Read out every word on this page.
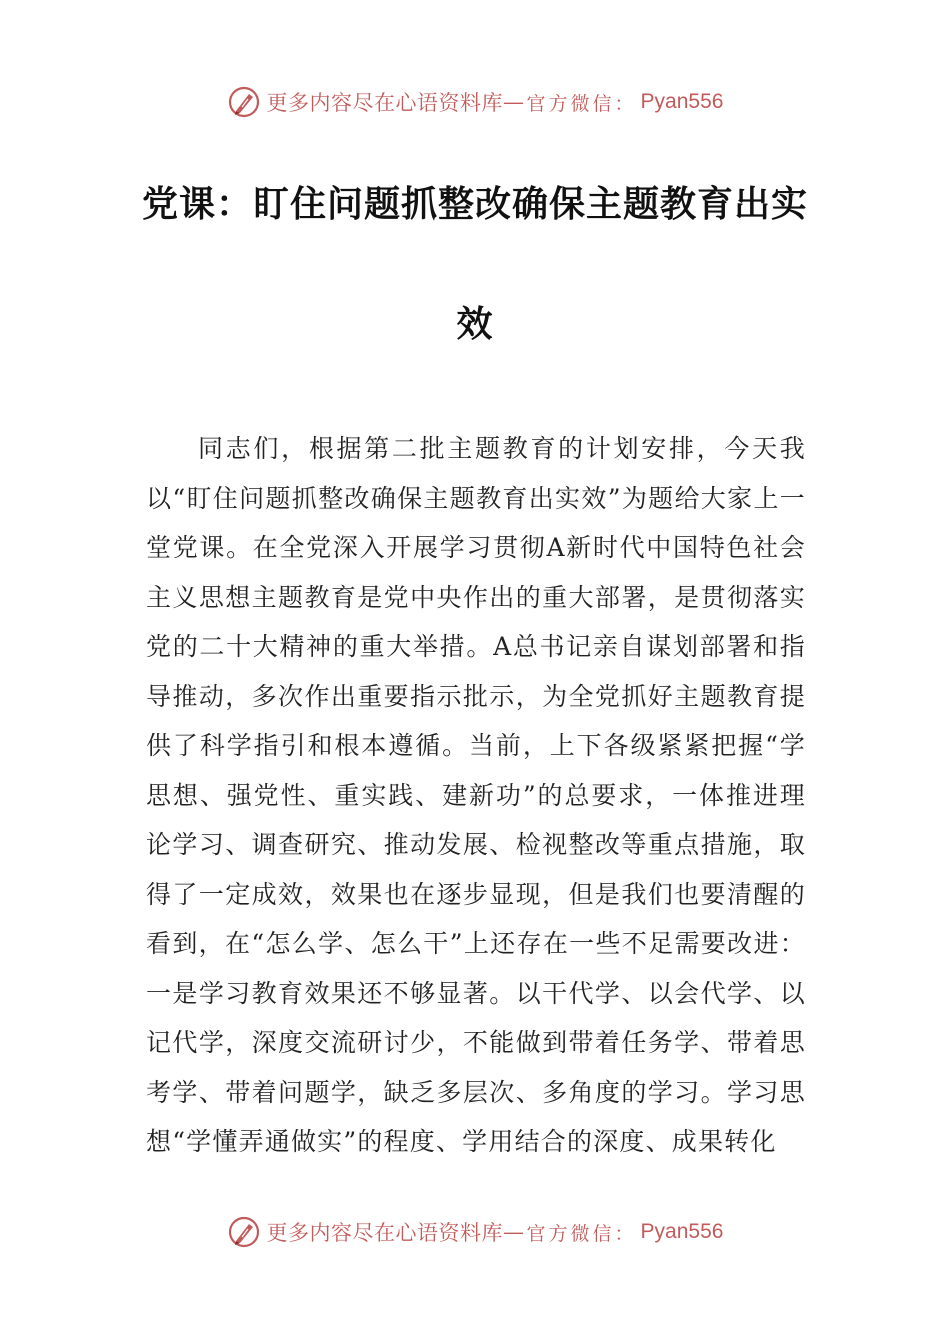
更多内容尽在心语资料库 — 官方微信： Pyan556
党课：盯住问题抓整改确保主题教育出实
效

同志们，根据第二批主题教育的计划安排，今天我以“盯住问题抓整改确保主题教育出实效”为题给大家上一堂党课。在全党深入开展学习贯彻A新时代中国特色社会主义思想主题教育是党中央作出的重大部署，是贯彻落实党的二十大精神的重大举措。A总书记亲自谋划部署和指导推动，多次作出重要指示批示，为全党抓好主题教育提供了科学指引和根本遵循。当前，上下各级紧紧把握“学思想、强党性、重实践、建新功”的总要求，一体推进理论学习、调查研究、推动发展、检视整改等重点措施，取得了一定成效，效果也在逐步显现，但是我们也要清醒的看到，在“怎么学、怎么干”上还存在一些不足需要改进：一是学习教育效果还不够显著。以干代学、以会代学、以记代学，深度交流研讨少，不能做到带着任务学、带着思考学、带着问题学，缺乏多层次、多角度的学习。学习思想“学懂弄通做实”的程度、学用结合的深度、成果转化

更多内容尽在心语资料库 — 官方微信： Pyan556
